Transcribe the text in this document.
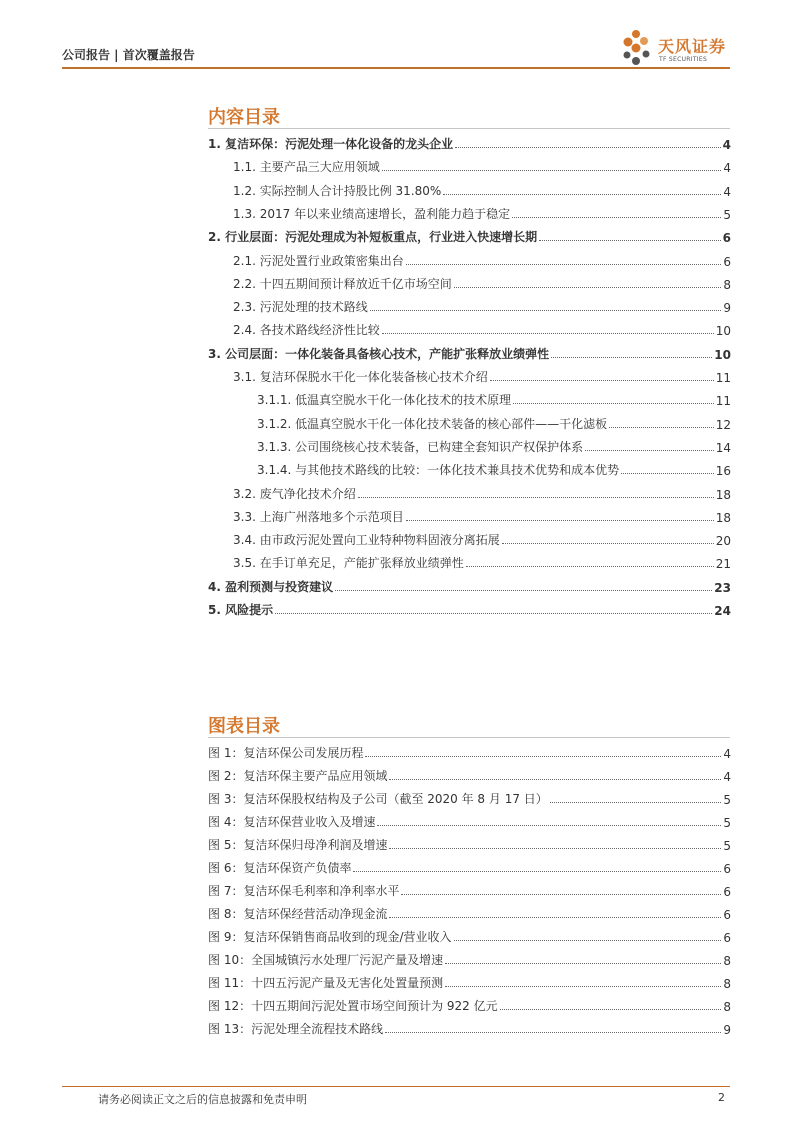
公司报告 | 首次覆盖报告	天风证券
TF SECURITIES
内容目录
1. 复洁环保：污泥处理一体化设备的龙头企业	4
1.1. 主要产品三大应用领域	4
1.2. 实际控制人合计持股比例 31.80%	4
1.3. 2017 年以来业绩高速增长，盈利能力趋于稳定	5
2. 行业层面：污泥处理成为补短板重点，行业进入快速增长期	6
2.1. 污泥处置行业政策密集出台	6
2.2. 十四五期间预计释放近千亿市场空间	8
2.3. 污泥处理的技术路线	9
2.4. 各技术路线经济性比较	10
3. 公司层面：一体化装备具备核心技术，产能扩张释放业绩弹性	10
3.1. 复洁环保脱水干化一体化装备核心技术介绍	11
3.1.1. 低温真空脱水干化一体化技术的技术原理	11
3.1.2. 低温真空脱水干化一体化技术装备的核心部件——干化滤板	12
3.1.3. 公司围绕核心技术装备，已构建全套知识产权保护体系	14
3.1.4. 与其他技术路线的比较：一体化技术兼具技术优势和成本优势	16
3.2. 废气净化技术介绍	18
3.3. 上海广州落地多个示范项目	18
3.4. 由市政污泥处置向工业特种物料固液分离拓展	20
3.5. 在手订单充足，产能扩张释放业绩弹性	21
4. 盈利预测与投资建议	23
5. 风险提示	24
图表目录
图 1：复洁环保公司发展历程	4
图 2：复洁环保主要产品应用领域	4
图 3：复洁环保股权结构及子公司（截至 2020 年 8 月 17 日）	5
图 4：复洁环保营业收入及增速	5
图 5：复洁环保归母净利润及增速	5
图 6：复洁环保资产负债率	6
图 7：复洁环保毛利率和净利率水平	6
图 8：复洁环保经营活动净现金流	6
图 9：复洁环保销售商品收到的现金/营业收入	6
图 10：全国城镇污水处理厂污泥产量及增速	8
图 11：十四五污泥产量及无害化处置量预测	8
图 12：十四五期间污泥处置市场空间预计为 922 亿元	8
图 13：污泥处理全流程技术路线	9
请务必阅读正文之后的信息披露和免责申明	2
